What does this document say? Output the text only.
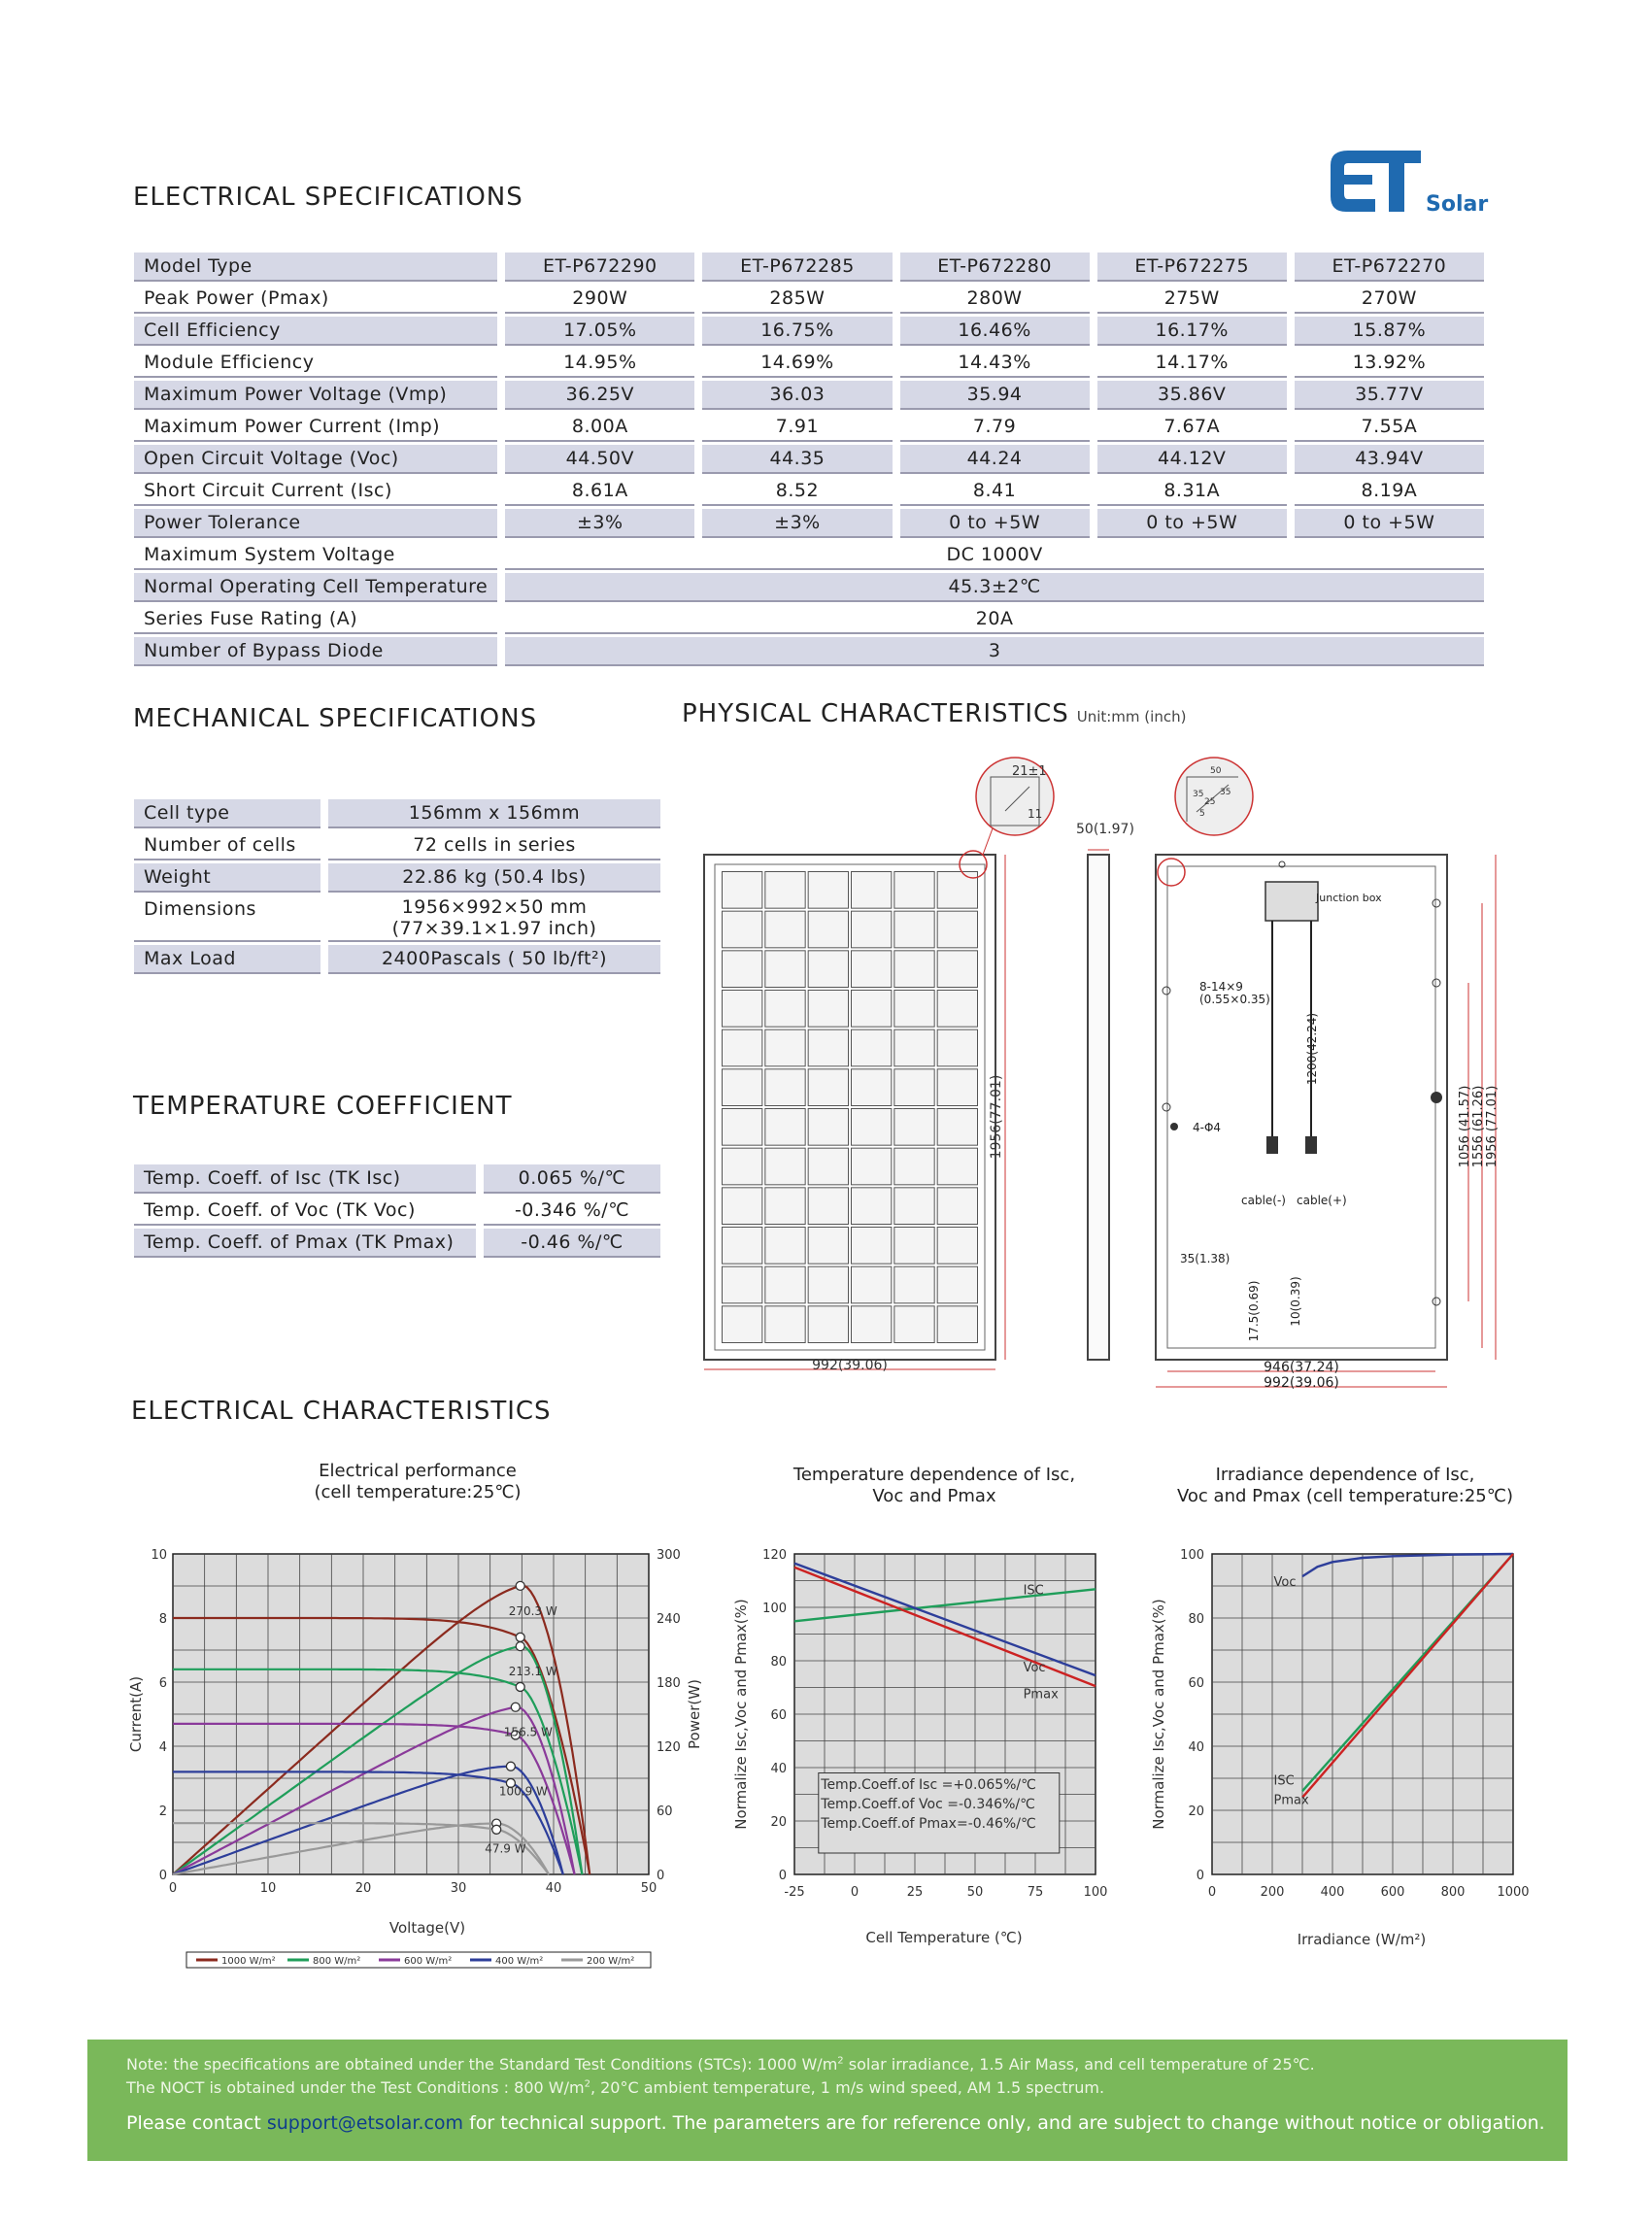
Solar
ELECTRICAL SPECIFICATIONS
Model Type	ET-P672290	ET-P672285	ET-P672280	ET-P672275	ET-P672270
Peak Power (Pmax)	290W	285W	280W	275W	270W
Cell Efficiency	17.05%	16.75%	16.46%	16.17%	15.87%
Module Efficiency	14.95%	14.69%	14.43%	14.17%	13.92%
Maximum Power Voltage (Vmp)	36.25V	36.03	35.94	35.86V	35.77V
Maximum Power Current (Imp)	8.00A	7.91	7.79	7.67A	7.55A
Open Circuit Voltage (Voc)	44.50V	44.35	44.24	44.12V	43.94V
Short Circuit Current (Isc)	8.61A	8.52	8.41	8.31A	8.19A
Power Tolerance	±3%	±3%	0 to +5W	0 to +5W	0 to +5W
Maximum System Voltage	DC 1000V				
Normal Operating Cell Temperature	45.3±2℃				
Series Fuse Rating (A)	20A				
Number of Bypass Diode	3				
MECHANICAL SPECIFICATIONS
Cell type	156mm x 156mm
Number of cells	72 cells in series
Weight	22.86 kg (50.4 lbs)
Dimensions	1956×992×50 mm
(77×39.1×1.97 inch)

Max Load	2400Pascals ( 50 lb/ft²)
TEMPERATURE COEFFICIENT
Temp. Coeff. of Isc (TK Isc)	0.065 %/℃
Temp. Coeff. of Voc (TK Voc)	-0.346 %/℃
Temp. Coeff. of Pmax (TK Pmax)	-0.46 %/℃
PHYSICAL CHARACTERISTICS Unit:mm (inch)
1956(77.01)
992(39.06)
21±1
11
50(1.97)
Junction box
cable(-) cable(+)
1200(42.24)
8-14×9
(0.55×0.35)
4-Φ4
35(1.38)
17.5(0.69) 10(0.39)
1056 (41.57) 1556 (61.26) 1956 (77.01)
946(37.24)
992(39.06)
50
35 35
25
5
ELECTRICAL CHARACTERISTICS
Electrical performance
(cell temperature:25℃)
0	10	20	30	40	50
0
2
4
6
8
10
0
60
120
180
240
300
Voltage(V)
Current(A)	Power(W)
270.3 W
213.1 W
156.5 W
100.9 W
47.9 W
1000 W/m²	800 W/m²	600 W/m²	400 W/m²	200 W/m²
Temperature dependence of Isc,
Voc and Pmax
-25	0	25	50	75	100
0
20
40
60
80
100
120
Cell Temperature (℃)
Normalize Isc,Voc and Pmax(%)
ISC
Voc
Pmax
Temp.Coeff.of Isc =+0.065%/℃
Temp.Coeff.of Voc =-0.346%/℃
Temp.Coeff.of Pmax=-0.46%/℃
Irradiance dependence of Isc,
Voc and Pmax (cell temperature:25℃)
0	200	400	600	800	1000
0
20
40
60
80
100
Irradiance (W/m²)
Normalize Isc,Voc and Pmax(%)
Voc
ISC
Pmax
Note: the specifications are obtained under the Standard Test Conditions (STCs): 1000 $W/m^2$ solar irradiance, 1.5 Air Mass, and cell temperature of 25℃.
The NOCT is obtained under the Test Conditions : 800 $W/m^2$, 20°C ambient temperature, 1 m/s wind speed, AM 1.5 spectrum.
Please contact support@etsolar.com for technical support. The parameters are for reference only, and are subject to change without notice or obligation.
